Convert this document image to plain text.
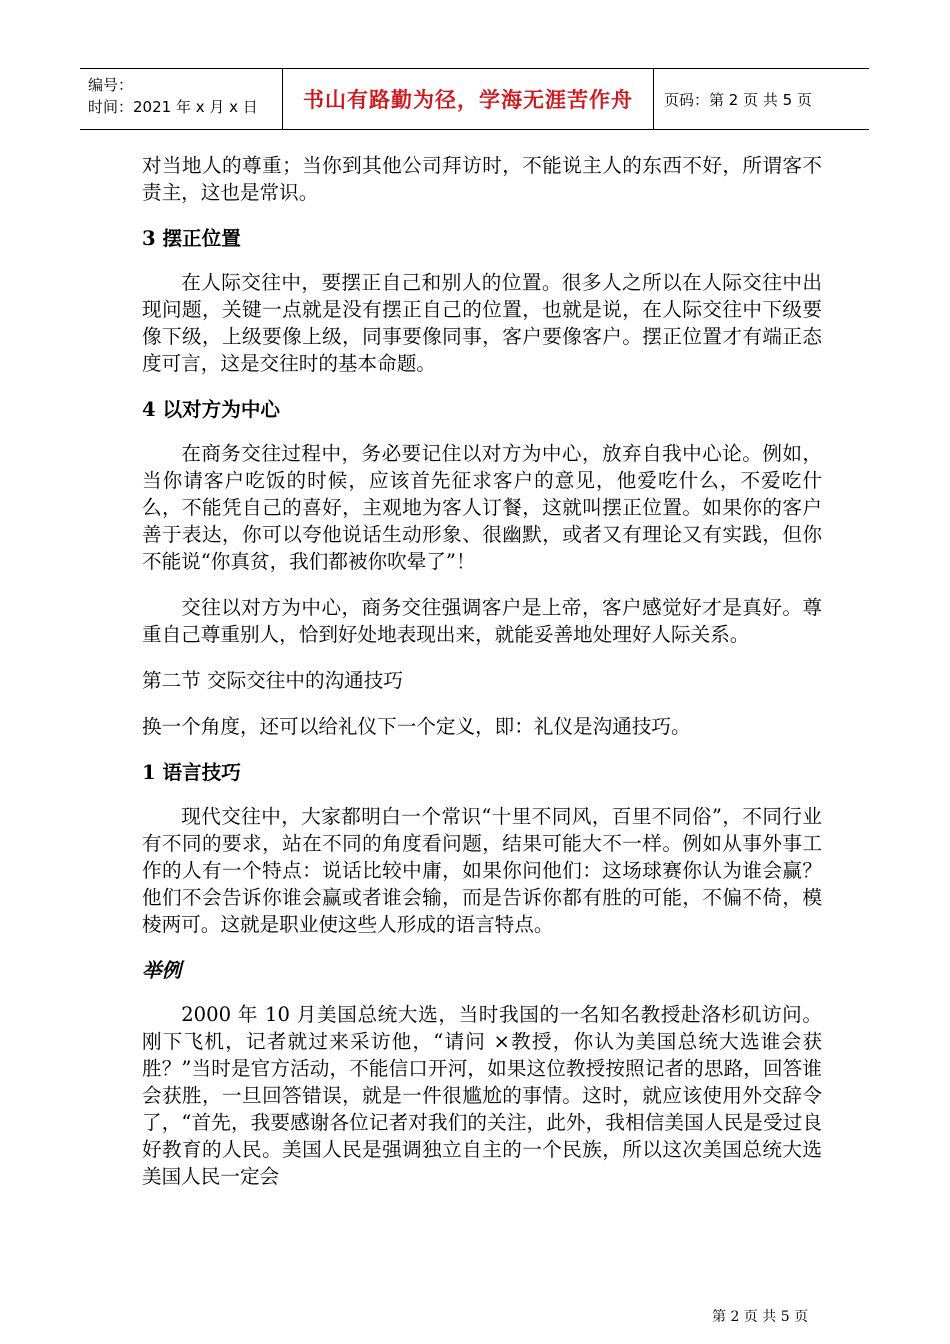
编号：
时间：2021 年 x 月 x 日	书山有路勤为径，学海无涯苦作舟	页码：第 2 页 共 5 页

对当地人的尊重；当你到其他公司拜访时，不能说主人的东西不好，所谓客不责主，这也是常识。

3 摆正位置

在人际交往中，要摆正自己和别人的位置。很多人之所以在人际交往中出现问题，关键一点就是没有摆正自己的位置，也就是说，在人际交往中下级要像下级，上级要像上级，同事要像同事，客户要像客户。摆正位置才有端正态度可言，这是交往时的基本命题。

4 以对方为中心

在商务交往过程中，务必要记住以对方为中心，放弃自我中心论。例如，当你请客户吃饭的时候，应该首先征求客户的意见，他爱吃什么，不爱吃什么，不能凭自己的喜好，主观地为客人订餐，这就叫摆正位置。如果你的客户善于表达，你可以夸他说话生动形象、很幽默，或者又有理论又有实践，但你不能说“你真贫，我们都被你吹晕了”！

交往以对方为中心，商务交往强调客户是上帝，客户感觉好才是真好。尊重自己尊重别人，恰到好处地表现出来，就能妥善地处理好人际关系。

第二节 交际交往中的沟通技巧

换一个角度，还可以给礼仪下一个定义，即：礼仪是沟通技巧。

1 语言技巧

现代交往中，大家都明白一个常识“十里不同风，百里不同俗”，不同行业有不同的要求，站在不同的角度看问题，结果可能大不一样。例如从事外事工作的人有一个特点：说话比较中庸，如果你问他们：这场球赛你认为谁会赢？他们不会告诉你谁会赢或者谁会输，而是告诉你都有胜的可能，不偏不倚，模棱两可。这就是职业使这些人形成的语言特点。

举例

2000 年 10 月美国总统大选，当时我国的一名知名教授赴洛杉矶访问。刚下飞机，记者就过来采访他，“请问 ×教授，你认为美国总统大选谁会获胜？”当时是官方活动，不能信口开河，如果这位教授按照记者的思路，回答谁会获胜，一旦回答错误，就是一件很尴尬的事情。这时，就应该使用外交辞令了，“首先，我要感谢各位记者对我们的关注，此外，我相信美国人民是受过良好教育的人民。美国人民是强调独立自主的一个民族，所以这次美国总统大选美国人民一定会

第 2 页 共 5 页
